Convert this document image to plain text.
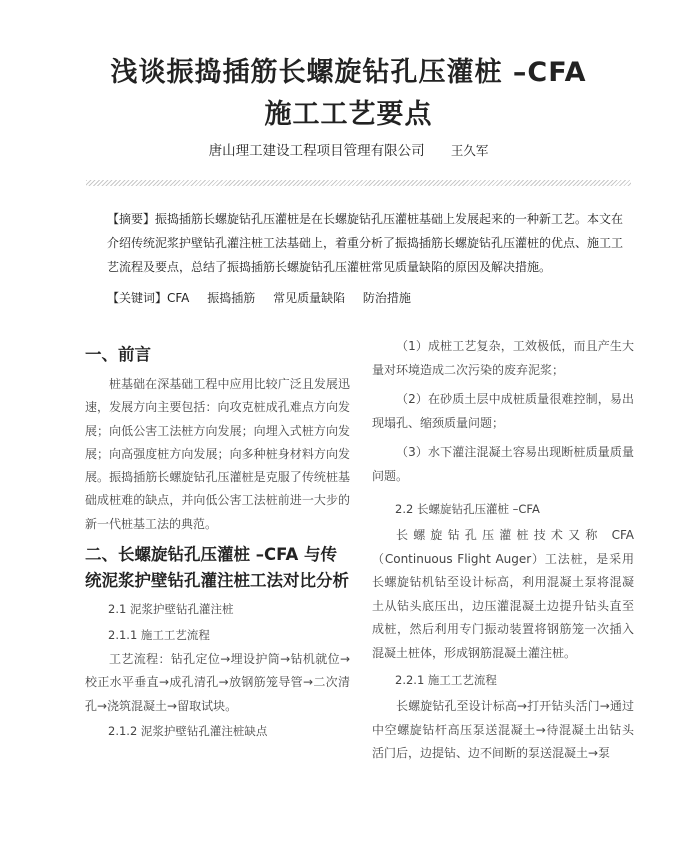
浅谈振捣插筋长螺旋钻孔压灌桩 –CFA
施工工艺要点
唐山理工建设工程项目管理有限公司 王久军
【摘要】振捣插筋长螺旋钻孔压灌桩是在长螺旋钻孔压灌桩基础上发展起来的一种新工艺。本文在介绍传统泥浆护壁钻孔灌注桩工法基础上，着重分析了振捣插筋长螺旋钻孔压灌桩的优点、施工工艺流程及要点，总结了振捣插筋长螺旋钻孔压灌桩常见质量缺陷的原因及解决措施。
【关键词】CFA 振捣插筋 常见质量缺陷 防治措施
一、前言

桩基础在深基础工程中应用比较广泛且发展迅速，发展方向主要包括：向攻克桩成孔难点方向发展；向低公害工法桩方向发展；向埋入式桩方向发展；向高强度桩方向发展；向多种桩身材料方向发展。振捣插筋长螺旋钻孔压灌桩是克服了传统桩基础成桩难的缺点，并向低公害工法桩前进一大步的新一代桩基工法的典范。

二、长螺旋钻孔压灌桩 –CFA 与传统泥浆护壁钻孔灌注桩工法对比分析
2.1 泥浆护壁钻孔灌注桩
2.1.1 施工工艺流程

工艺流程：钻孔定位→埋设护筒→钻机就位→校正水平垂直→成孔清孔→放钢筋笼导管→二次清孔→浇筑混凝土→留取试块。

2.1.2 泥浆护壁钻孔灌注桩缺点

（1）成桩工艺复杂，工效极低，而且产生大量对环境造成二次污染的废弃泥浆；

（2）在砂质土层中成桩质量很难控制，易出现塌孔、缩颈质量问题；

（3）水下灌注混凝土容易出现断桩质量质量问题。

2.2 长螺旋钻孔压灌桩 –CFA

长螺旋钻孔压灌桩技术又称 CFA（Continuous Flight Auger）工法桩，是采用长螺旋钻机钻至设计标高，利用混凝土泵将混凝土从钻头底压出，边压灌混凝土边提升钻头直至成桩，然后利用专门振动装置将钢筋笼一次插入混凝土桩体，形成钢筋混凝土灌注桩。

2.2.1 施工工艺流程

长螺旋钻孔至设计标高→打开钻头活门→通过中空螺旋钻杆高压泵送混凝土→待混凝土出钻头活门后，边提钻、边不间断的泵送混凝土→泵
